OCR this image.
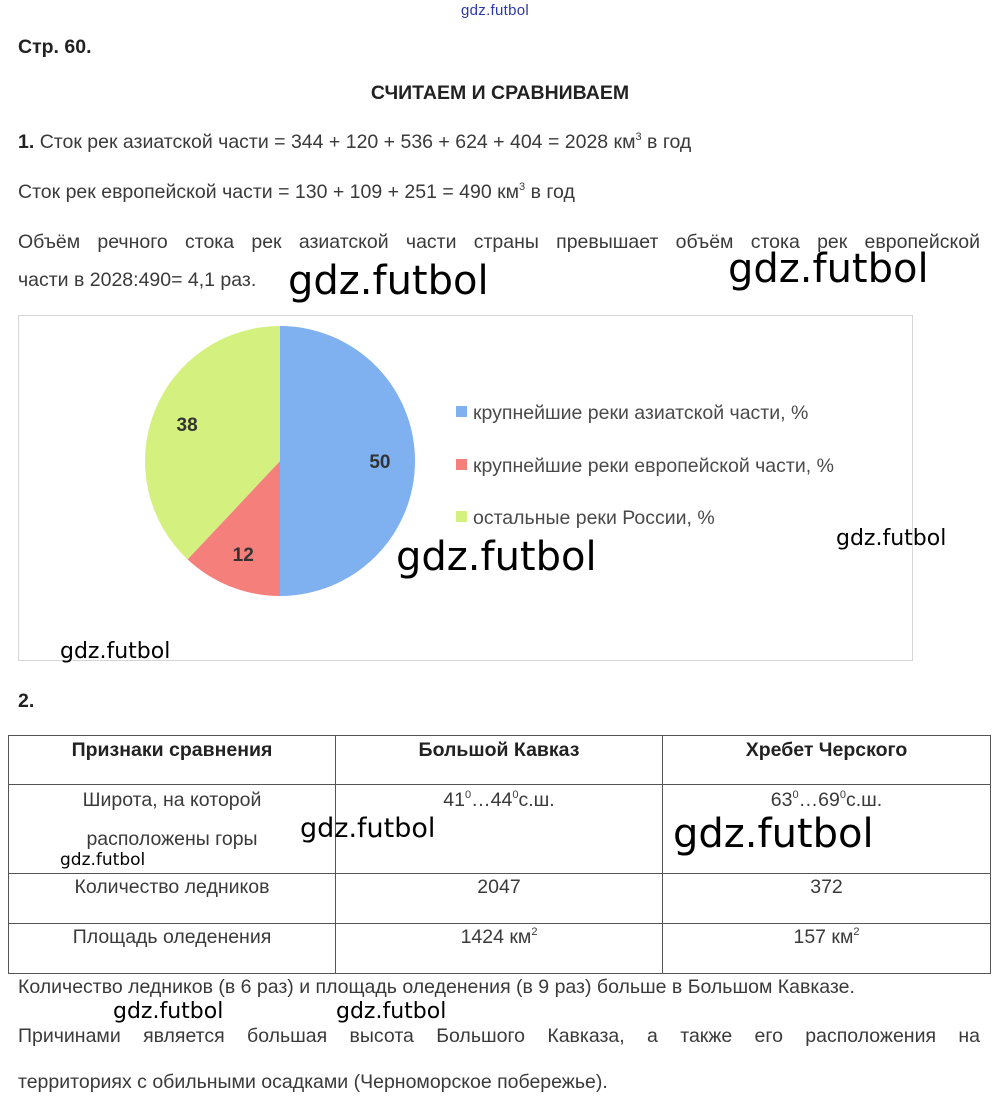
gdz.futbol
Стр. 60.
СЧИТАЕМ И СРАВНИВАЕМ
1. Сток рек азиатской части = 344 + 120 + 536 + 624 + 404 = 2028 $км^3$ в год
Сток рек европейской части = 130 + 109 + 251 = 490 $км^3$ в год
Объём речного стока рек азиатской части страны превышает объём стока рек европейской
части в 2028:490= 4,1 раз.
50
12
38
крупнейшие реки азиатской части, %
крупнейшие реки европейской части, %
остальные реки России, %
2.
Признаки сравнения	Большой Кавказ	Хребет Черского

Широта, на которой
расположены горы	$41^0\dots 44^0с.ш$.	$63^0\dots 69^0с.ш$.
Количество ледников	2047	372
Площадь оледенения	1424 $км^2$	157 $км^2$
Количество ледников (в 6 раз) и площадь оледенения (в 9 раз) больше в Большом Кавказе.
Причинами является большая высота Большого Кавказа, а также его расположения на
территориях с обильными осадками (Черноморское побережье).
gdz.futbol	gdz.futbol
gdz.futbol	gdz.futbol
gdz.futbol
gdz.futbol
gdz.futbol
gdz.futbol
gdz.futbol	gdz.futbol
